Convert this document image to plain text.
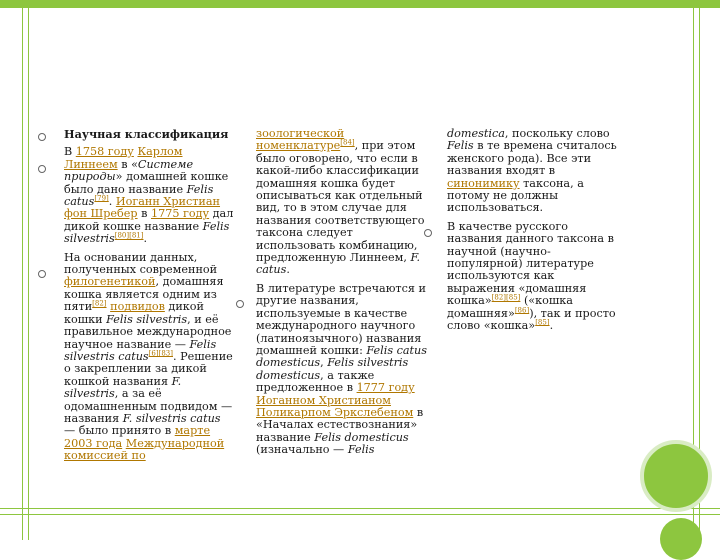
Научная классификация

В 1758 году Карлом Линнеем в «Системе природы» домашней кошке было дано название Felis catus[79]. Иоганн Христиан фон Шребер в 1775 году дал дикой кошке название Felis silvestris[80][81].

На основании данных, полученных современной филогенетикой, домашняя кошка является одним из пяти[82] подвидов дикой кошки Felis silvestris, и её правильное международное научное название — Felis silvestris catus[6][83]. Решение о закреплении за дикой кошкой названия F. silvestris, а за её одомашненным подвидом — названия F. silvestris catus — было принято в марте 2003 года Международной комиссией по

зоологической номенклатуре[84], при этом было оговорено, что если в какой-либо классификации домашняя кошка будет описываться как отдельный вид, то в этом случае для названия соответствующего таксона следует использовать комбинацию, предложенную Линнеем, F. catus.

В литературе встречаются и другие названия, используемые в качестве международного научного (латиноязычного) названия домашней кошки: Felis catus domesticus, Felis silvestris domesticus, а также предложенное в 1777 году Иоганном Христианом Поликарпом Эркслебеном в «Началах естествознания» название Felis domesticus (изначально — Felis

domestica, поскольку слово Felis в те времена считалось женского рода). Все эти названия входят в синонимику таксона, а потому не должны использоваться.

В качестве русского названия данного таксона в научной (научно-популярной) литературе используются как выражения «домашняя кошка»[82][85] («кошка домашняя»[86]), так и просто слово «кошка»[85].
